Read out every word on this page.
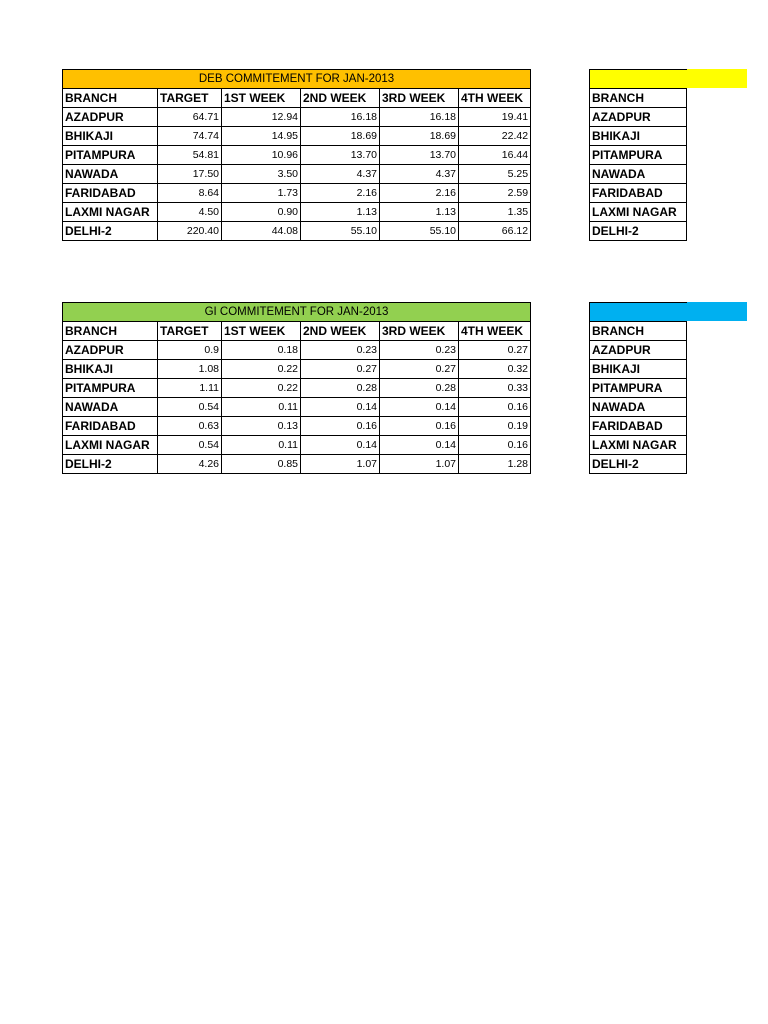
DEB COMMITEMENT FOR JAN-2013					
BRANCH	TARGET	1ST WEEK	2ND WEEK	3RD WEEK	4TH WEEK
AZADPUR	64.71	12.94	16.18	16.18	19.41
BHIKAJI	74.74	14.95	18.69	18.69	22.42
PITAMPURA	54.81	10.96	13.70	13.70	16.44
NAWADA	17.50	3.50	4.37	4.37	5.25
FARIDABAD	8.64	1.73	2.16	2.16	2.59
LAXMI NAGAR	4.50	0.90	1.13	1.13	1.35
DELHI-2	220.40	44.08	55.10	55.10	66.12

BRANCH
AZADPUR
BHIKAJI
PITAMPURA
NAWADA
FARIDABAD
LAXMI NAGAR
DELHI-2
GI COMMITEMENT FOR JAN-2013					
BRANCH	TARGET	1ST WEEK	2ND WEEK	3RD WEEK	4TH WEEK
AZADPUR	0.9	0.18	0.23	0.23	0.27
BHIKAJI	1.08	0.22	0.27	0.27	0.32
PITAMPURA	1.11	0.22	0.28	0.28	0.33
NAWADA	0.54	0.11	0.14	0.14	0.16
FARIDABAD	0.63	0.13	0.16	0.16	0.19
LAXMI NAGAR	0.54	0.11	0.14	0.14	0.16
DELHI-2	4.26	0.85	1.07	1.07	1.28

BRANCH
AZADPUR
BHIKAJI
PITAMPURA
NAWADA
FARIDABAD
LAXMI NAGAR
DELHI-2
